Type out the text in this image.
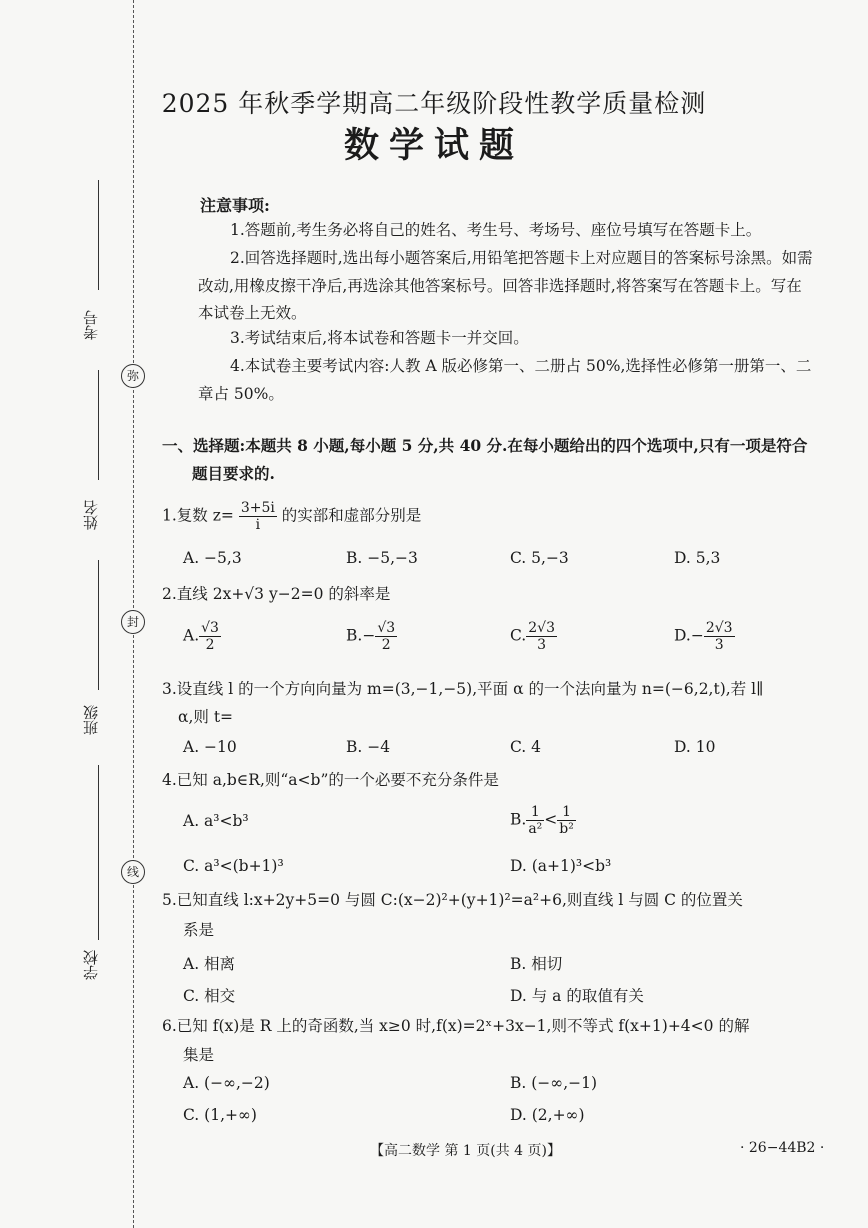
考号
姓名
班级
学校
弥
封
线
2025 年秋季学期高二年级阶段性教学质量检测
数学试题
注意事项:
1.答题前,考生务必将自己的姓名、考生号、考场号、座位号填写在答题卡上。
2.回答选择题时,选出每小题答案后,用铅笔把答题卡上对应题目的答案标号涂黑。如需改动,用橡皮擦干净后,再选涂其他答案标号。回答非选择题时,将答案写在答题卡上。写在本试卷上无效。
3.考试结束后,将本试卷和答题卡一并交回。
4.本试卷主要考试内容:人教 A 版必修第一、二册占 50%,选择性必修第一册第一、二章占 50%。
一、选择题:本题共 8 小题,每小题 5 分,共 40 分.在每小题给出的四个选项中,只有一项是符合
题目要求的.
1.复数 $z= \frac{3+5i}{i}$ 的实部和虚部分别是
A. −5,3	B. −5,−3	C. 5,−3	D. 5,3
2.直线 2x+√3 y−2=0 的斜率是
A. $\frac{√3}{2}$	$B.- \frac{√3}{2}$	C. $\frac{2√3}{3}$	$D.- \frac{2√3}{3}$
3.设直线 l 的一个方向向量为 m=(3,−1,−5),平面 α 的一个法向量为 n=(−6,2,t),若 l∥
α,则 t=
A. −10	B. −4	C. 4	D. 10
4.已知 a,b∈R,则“a<b”的一个必要不充分条件是
A. a³<b³	B. $\frac{1}{\text{a²}} < \frac{1}{\text{b²}}$
C. a³<(b+1)³	D. (a+1)³<b³
5.已知直线 l:x+2y+5=0 与圆 C:(x−2)²+(y+1)²=a²+6,则直线 l 与圆 C 的位置关
系是
A. 相离	B. 相切
C. 相交	D. 与 a 的取值有关
6.已知 f(x)是 R 上的奇函数,当 x≥0 时,f(x)=2ˣ+3x−1,则不等式 f(x+1)+4<0 的解
集是
A. (−∞,−2)	B. (−∞,−1)
C. (1,+∞)	D. (2,+∞)
【高二数学 第 1 页(共 4 页)】	· 26−44B2 ·
